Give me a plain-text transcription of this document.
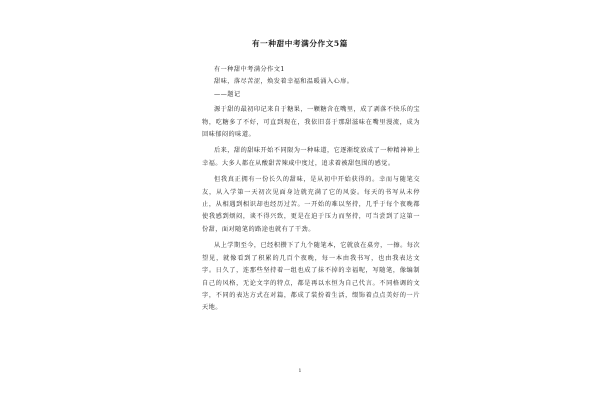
有一种甜中考满分作文5篇
有一种甜中考满分作文1
甜味，落尽苦涩，焕发着幸福和温暖涌入心扉。
——题记

源于甜的最初印记来自于糖果，一颗糖含在嘴里，成了剥落不快乐的宝物，吃糖多了不好，可直到现在，我依旧喜于那甜滋味在嘴里漫流，成为回味郁闷的味道。

后来，甜的甜味开始不同限为一种味道，它逐渐绽放成了一种精神神上幸福。大多人都在从酸甜苦辣咸中度过，追求着被甜包围的感觉。

但我真正拥有一份长久的甜味，是从初中开始获得的。幸而与随笔交友，从入学第一天初次见面身边就充满了它的风姿。每天的书写从未停止，从相遇到相识却也经历过苦。一开始的难以坚持，几乎于每个夜晚都使我感到烦闷，谈不得兴致，更是在迫于压力而坚持，可当尝到了这第一份甜，面对随笔的路途也就有了干劲。

从上学期至今，已经积攒下了九个随笔本，它就放在桌旁，一擦。每次望见，就像看到了积累的几百个夜晚，每一本由我书写，也由我表达文字。日久了，连那些坚持着一组也成了抹不掉的幸福呢，写随笔，像编制自己的风格，无论文字的特点，都是再以水恒为自己代言。不同格调的文字，不同的表达方式在对篇，都成了装扮着生活，缀饰着点点美好的一片天地。

1
